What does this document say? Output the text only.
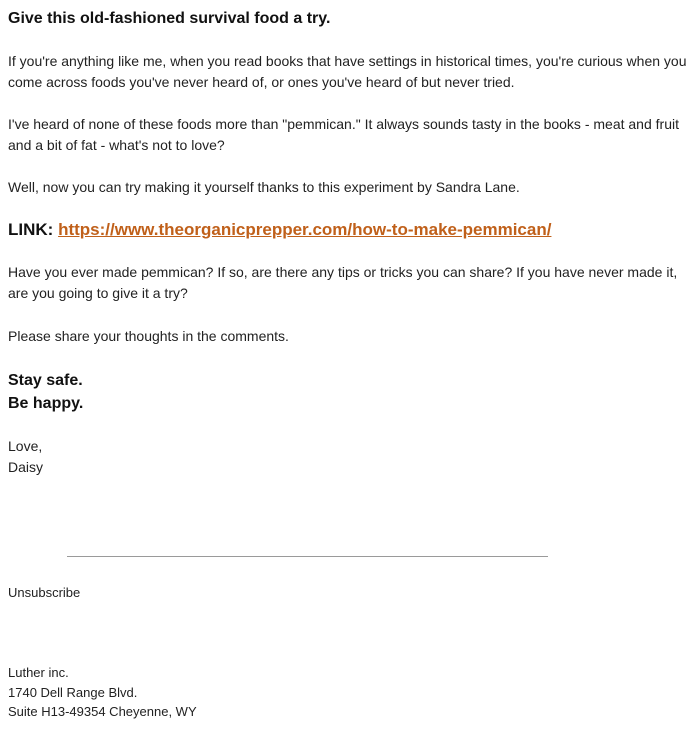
Give this old-fashioned survival food a try.
If you're anything like me, when you read books that have settings in historical times, you're curious when you come across foods you've never heard of, or ones you've heard of but never tried.
I've heard of none of these foods more than "pemmican." It always sounds tasty in the books - meat and fruit and a bit of fat - what's not to love?
Well, now you can try making it yourself thanks to this experiment by Sandra Lane.
LINK: https://www.theorganicprepper.com/how-to-make-pemmican/
Have you ever made pemmican? If so, are there any tips or tricks you can share? If you have never made it, are you going to give it a try?
Please share your thoughts in the comments.
Stay safe.
Be happy.
Love,
Daisy
Unsubscribe
Luther inc.
1740 Dell Range Blvd.
Suite H13-49354 Cheyenne, WY
